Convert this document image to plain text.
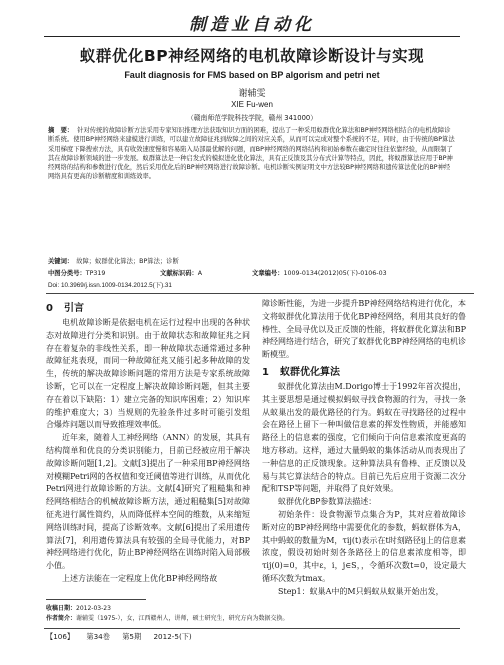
制造业自动化
蚁群优化BP神经网络的电机故障诊断设计与实现
Fault diagnosis for FMS based on BP algorism and petri net
谢辅雯
XIE Fu-wen
（赣南师范学院科技学院，赣州 341000）
摘　要： 针对传统的故障诊断方法采用专家知识推理方法获取知识方面的困难，提出了一种采用蚁群优化算法和BP神经网络相结合的电机故障诊断系统。使用BP神经网络来建模进行训练，可以建立故障征兆到故障之间的对应关系，从而可以完成对整个系统的不足，同时，由于传统的BP算法采用梯度下降搜索方法，具有收敛速度慢和容易陷入局部最优解的问题，而BP神经网络的网络结构和初始参数在确定时往往依靠经验，从而限制了其在故障诊断领域的进一步发展。蚁群算法是一种启发式的模拟进化优化算法，具有正反馈及其分布式计算等特点，因此，将蚁群算法应用于BP神经网络的结构和参数进行优化，然后采用优化后的BP神经网络进行故障诊断。电机诊断实例证明文中方法较BP神经网络和遗传算法优化的BP神经网络具有更高的诊断精度和训练效率。
关键词： 故障；蚁群优化算法；BP算法；诊断
中图分类号：TP319	文献标识码：A	文章编号：1009-0134(2012)05(下)-0106-03
Doi: 10.3969/j.issn.1009-0134.2012.5(下).31
0 引言

电机故障诊断是依据电机在运行过程中出现的各种状态对故障进行分类和识别。由于故障状态和故障征兆之间存在着复杂的非线性关系，即一种故障状态通常通过多种故障征兆表现，而同一种故障征兆又能引起多种故障的发生，传统的解决故障诊断问题的常用方法是专家系统故障诊断，它可以在一定程度上解决故障诊断问题，但其主要存在着以下缺陷：1）建立完备的知识库困难；2）知识库的维护难度大；3）当规则的先验条件过多时可能引发组合爆炸问题以而导致推理效率低。

近年来，随着人工神经网络（ANN）的发展，其具有结构简单和优良的分类识别能力，目前已经被应用于解决故障诊断问题[1,2]。文献[3]提出了一种采用BP神经网络对模糊Petri网的各权值和变迁阈值等进行训练，从而优化Petri网进行故障诊断的方法。文献[4]研究了粗糙集和神经网络相结合的机械故障诊断方法，通过粗糙集[5]对故障征兆进行属性简约，从而降低样本空间的维数，从来缩短网络训练时间，提高了诊断效率。文献[6]提出了采用遗传算法[7]，利用遗传算法具有较强的全局寻优能力，对BP神经网络进行优化，防止BP神经网络在训练时陷入局部极小值。

上述方法能在一定程度上优化BP神经网络故

障诊断性能，为进一步提升BP神经网络结构进行优化，本文将蚁群优化算法用于优化BP神经网络，利用其良好的鲁棒性、全局寻优以及正反馈的性能，将蚁群优化算法和BP神经网络进行结合，研究了蚁群优化BP神经网络的电机诊断模型。

1 蚁群优化算法

蚁群优化算法由M.Dorigo博士于1992年首次提出，其主要思想是通过模拟蚂蚁寻找食物源的行为，寻找一条从蚁巢出发的最优路径的行为。蚂蚁在寻找路径的过程中会在路径上留下一种叫做信息素的挥发性物质，并能感知路径上的信息素的强度，它们倾向于向信息素浓度更高的地方移动。这样，通过大量蚂蚁的集体活动从而表现出了一种信息的正反馈现象。这种算法具有鲁棒、正反馈以及易与其它算法结合的特点。目前已先后应用于资源二次分配和TSP等问题，并取得了良好效果。

蚁群优化BP参数算法描述：

初始条件：设食物源节点集合为P，其对应着故障诊断对应的BP神经网络中需要优化的参数，蚂蚁群体为A，其中蚂蚁的数量为M，τij(t)表示在t时刻路径ij上的信息素浓度，假设初始时刻各条路径上的信息素浓度相等，即τij(0)=0，其中ε，i，j∈S，，令循环次数t=0，设定最大循环次数为tmax。

Step1：蚁巢A中的M只蚂蚁从蚁巢开始出发，

收稿日期：2012-03-23
作者简介：谢辅雯（1975-），女，江西赣州人，讲师，硕士研究生，研究方向为数据交换。
【106】 第34卷 第5期 2012-5(下)
